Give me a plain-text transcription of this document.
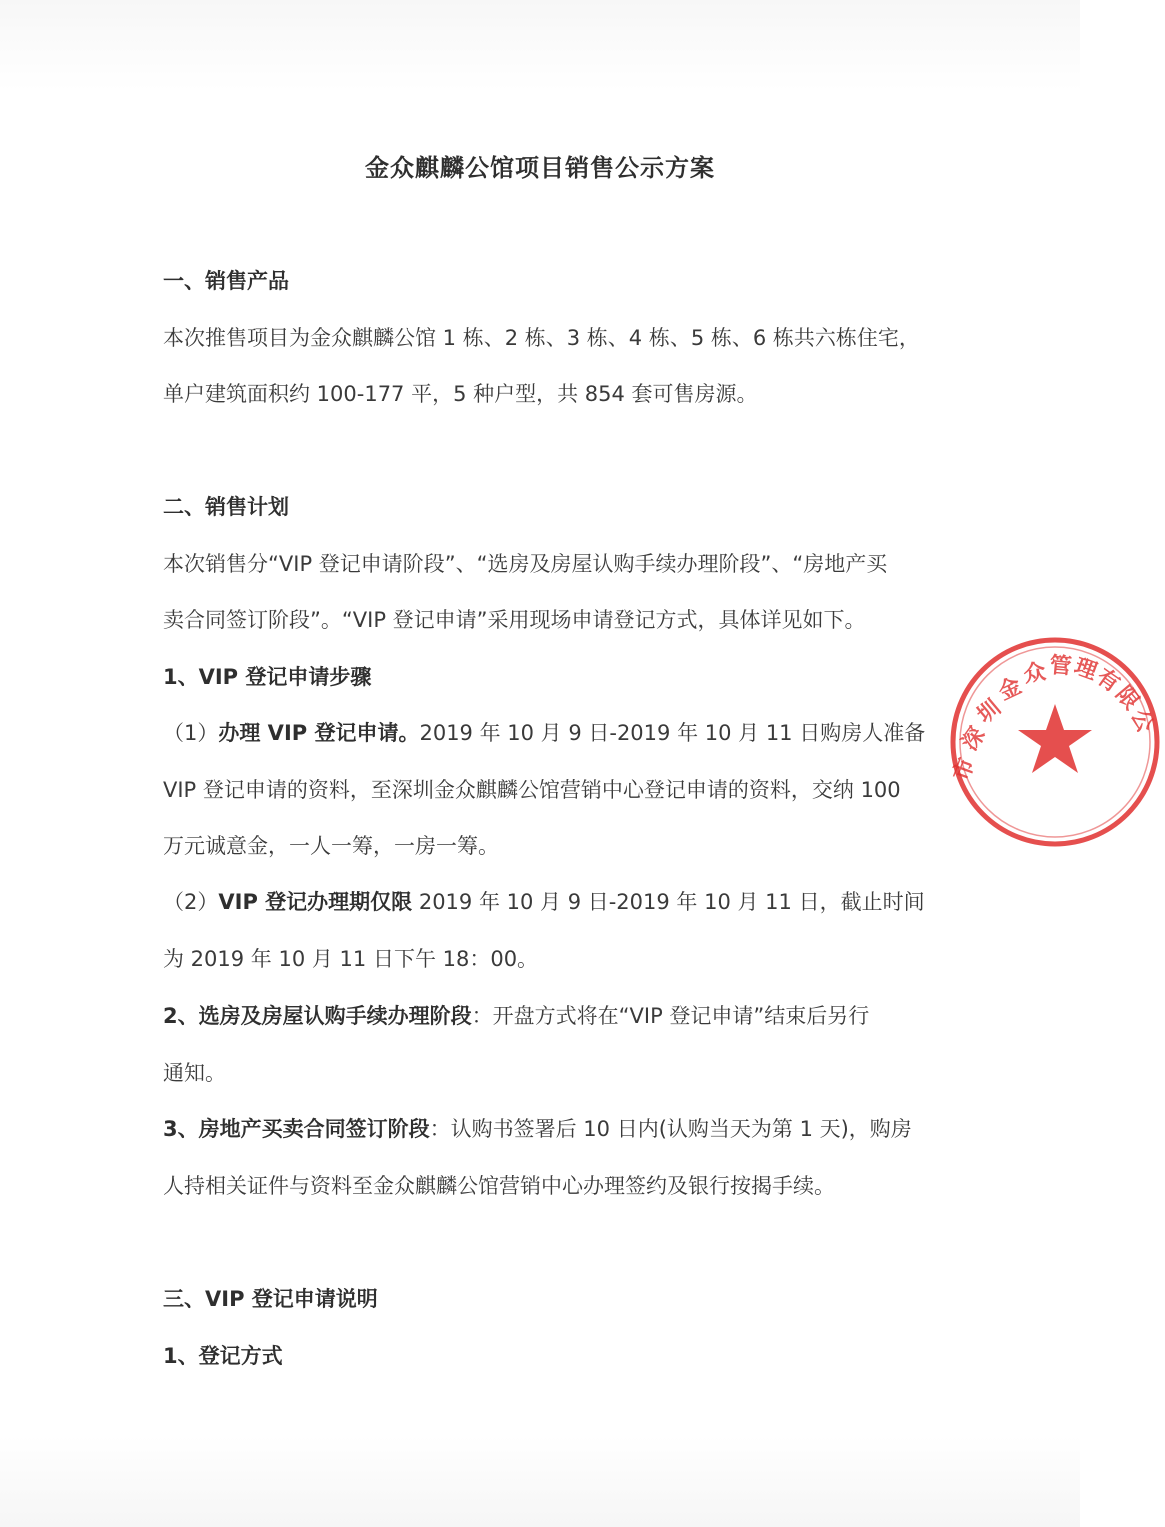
金众麒麟公馆项目销售公示方案
一、销售产品
本次推售项目为金众麒麟公馆 1 栋、2 栋、3 栋、4 栋、5 栋、6 栋共六栋住宅，
单户建筑面积约 100-177 平，5 种户型，共 854 套可售房源。
二、销售计划
本次销售分“VIP 登记申请阶段”、“选房及房屋认购手续办理阶段”、“房地产买
卖合同签订阶段”。“VIP 登记申请”采用现场申请登记方式，具体详见如下。
1、VIP 登记申请步骤
（1）办理 VIP 登记申请。2019 年 10 月 9 日-2019 年 10 月 11 日购房人准备
VIP 登记申请的资料，至深圳金众麒麟公馆营销中心登记申请的资料，交纳 100
万元诚意金，一人一筹，一房一筹。
（2）VIP 登记办理期仅限 2019 年 10 月 9 日-2019 年 10 月 11 日，截止时间
为 2019 年 10 月 11 日下午 18：00。
2、选房及房屋认购手续办理阶段：开盘方式将在“VIP 登记申请”结束后另行
通知。
3、房地产买卖合同签订阶段：认购书签署后 10 日内(认购当天为第 1 天)，购房
人持相关证件与资料至金众麒麟公馆营销中心办理签约及银行按揭手续。
三、VIP 登记申请说明
1、登记方式
市
深
圳
金
众 管
理
有
限
公
